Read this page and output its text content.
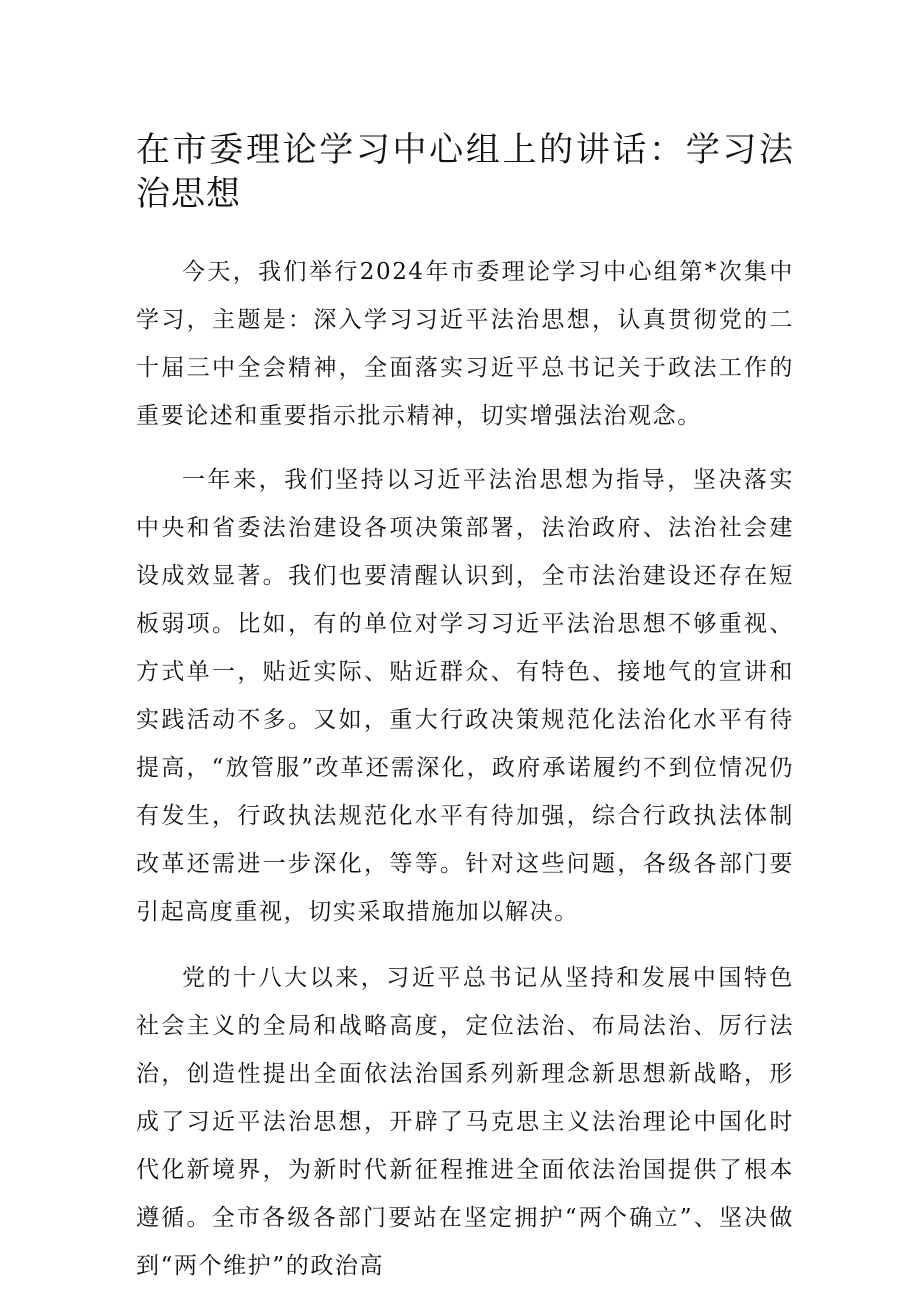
在市委理论学习中心组上的讲话：学习法治思想

今天，我们举行2024年市委理论学习中心组第*次集中学习，主题是：深入学习习近平法治思想，认真贯彻党的二十届三中全会精神，全面落实习近平总书记关于政法工作的重要论述和重要指示批示精神，切实增强法治观念。

一年来，我们坚持以习近平法治思想为指导，坚决落实中央和省委法治建设各项决策部署，法治政府、法治社会建设成效显著。我们也要清醒认识到，全市法治建设还存在短板弱项。比如，有的单位对学习习近平法治思想不够重视、方式单一，贴近实际、贴近群众、有特色、接地气的宣讲和实践活动不多。又如，重大行政决策规范化法治化水平有待提高，“放管服”改革还需深化，政府承诺履约不到位情况仍有发生，行政执法规范化水平有待加强，综合行政执法体制改革还需进一步深化，等等。针对这些问题，各级各部门要引起高度重视，切实采取措施加以解决。

党的十八大以来，习近平总书记从坚持和发展中国特色社会主义的全局和战略高度，定位法治、布局法治、厉行法治，创造性提出全面依法治国系列新理念新思想新战略，形成了习近平法治思想，开辟了马克思主义法治理论中国化时代化新境界，为新时代新征程推进全面依法治国提供了根本遵循。全市各级各部门要站在坚定拥护“两个确立”、坚决做到“两个维护”的政治高
